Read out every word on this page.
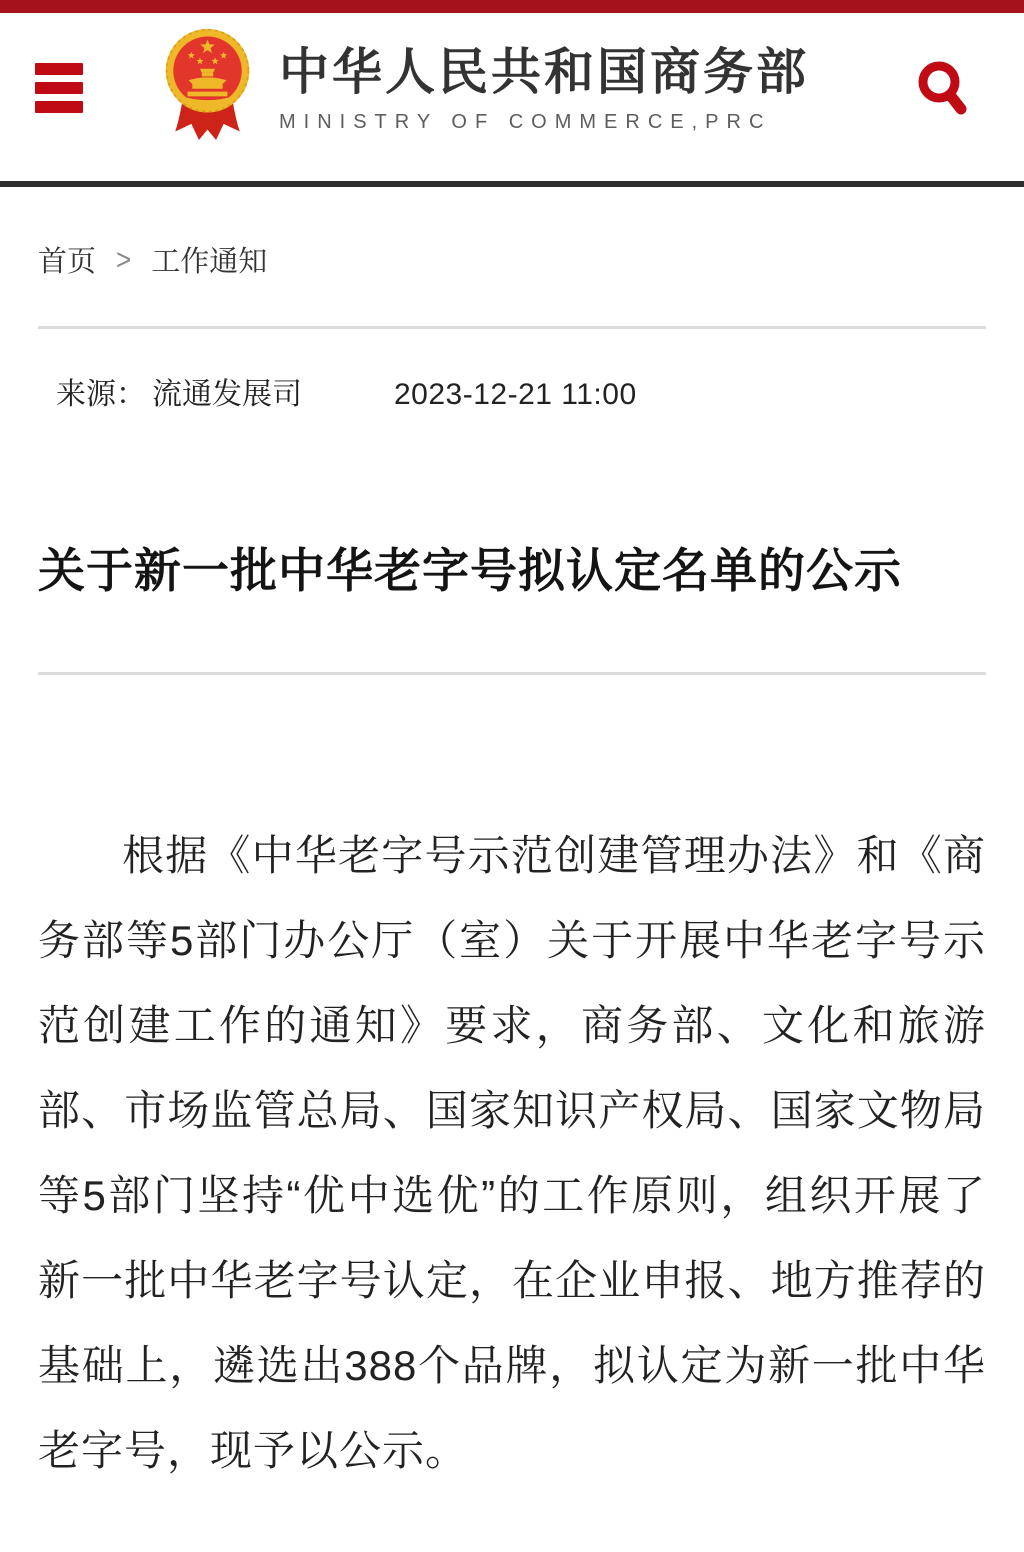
中华人民共和国商务部
MINISTRY OF COMMERCE,PRC
首页 > 工作通知
来源： 流通发展司	2023-12-21 11:00
关于新一批中华老字号拟认定名单的公示

根据《中华老字号示范创建管理办法》和《商务部等5部门办公厅（室）关于开展中华老字号示范创建工作的通知》要求，商务部、文化和旅游部、市场监管总局、国家知识产权局、国家文物局等5部门坚持“优中选优”的工作原则，组织开展了新一批中华老字号认定，在企业申报、地方推荐的基础上，遴选出388个品牌，拟认定为新一批中华老字号，现予以公示。
